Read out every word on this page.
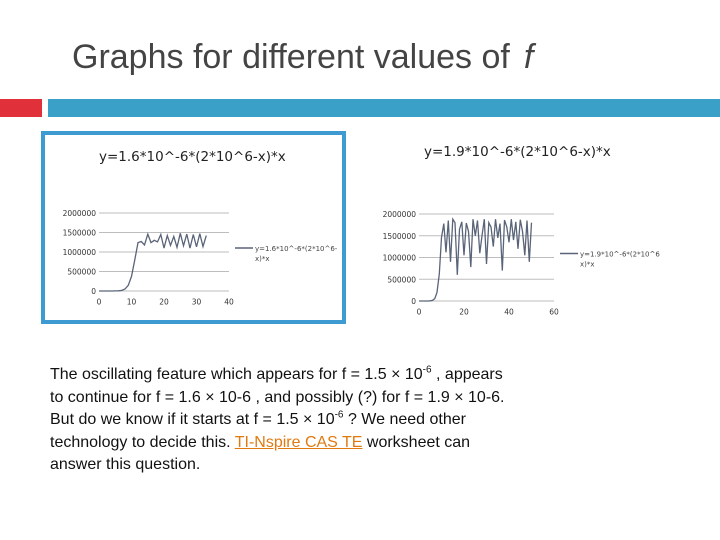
Graphs for different values of f
y=1.6*10^-6*(2*10^6-x)*x
0
500000
1000000
1500000
2000000
0	10	20	30	40
y=1.6*10^-6*(2*10^6-
x)*x
y=1.9*10^-6*(2*10^6-x)*x
0
500000
1000000
1500000
2000000
0	20	40	60
y=1.9*10^-6*(2*10^6
x)*x
The oscillating feature which appears for $f = 1.5 \times 10^{-6}$ , appears to continue for f = 1.6 × 10-6 , and possibly (?) for f = 1.9 × 10-6. But do we know if it starts at $f = 1.5 \times 10^{-6}$ ? We need other technology to decide this. TI-Nspire CAS TE worksheet can answer this question.
